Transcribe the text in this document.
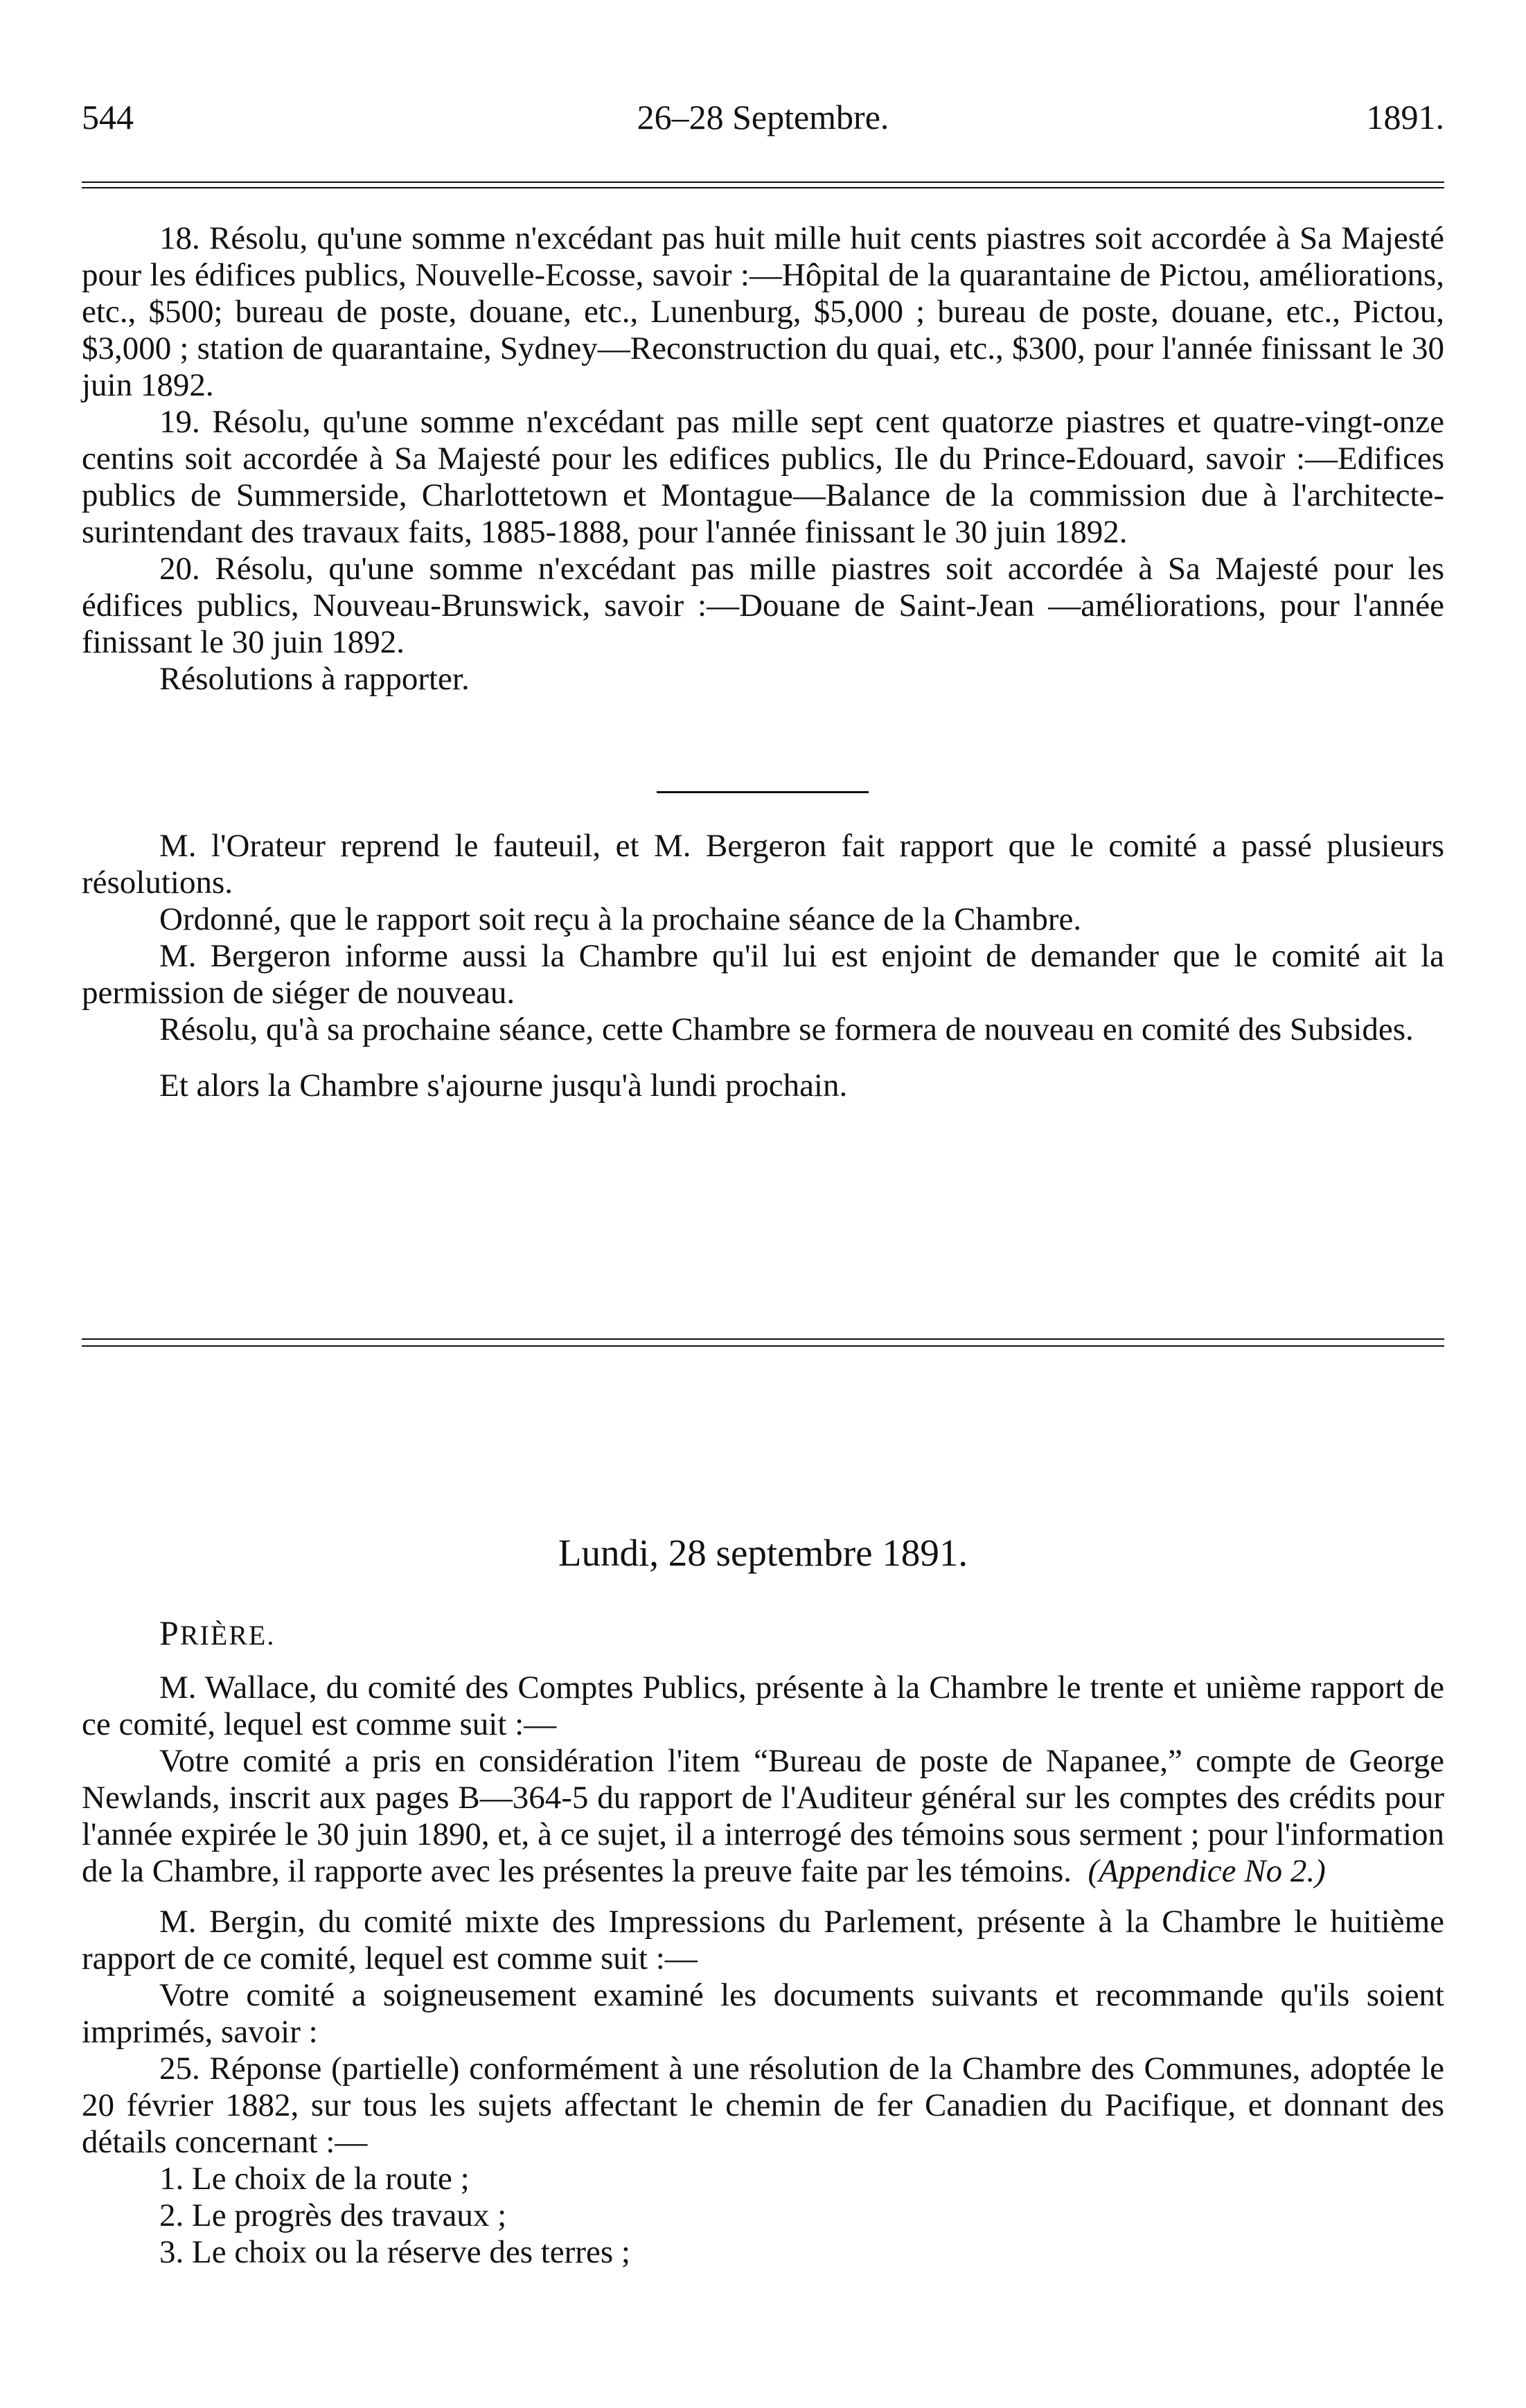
544	26–28 Septembre.	1891.

18. Résolu, qu'une somme n'excédant pas huit mille huit cents piastres soit accordée à Sa Majesté pour les édifices publics, Nouvelle-Ecosse, savoir :—Hôpital de la quarantaine de Pictou, améliorations, etc., $500; bureau de poste, douane, etc., Lunenburg, $5,000 ; bureau de poste, douane, etc., Pictou, $3,000 ; station de quarantaine, Sydney—Reconstruction du quai, etc., $300, pour l'année finissant le 30 juin 1892.

19. Résolu, qu'une somme n'excédant pas mille sept cent quatorze piastres et quatre-vingt-onze centins soit accordée à Sa Majesté pour les edifices publics, Ile du Prince-Edouard, savoir :—Edifices publics de Summerside, Charlottetown et Montague—Balance de la commission due à l'architecte-surintendant des travaux faits, 1885-1888, pour l'année finissant le 30 juin 1892.

20. Résolu, qu'une somme n'excédant pas mille piastres soit accordée à Sa Majesté pour les édifices publics, Nouveau-Brunswick, savoir :—Douane de Saint-Jean —améliorations, pour l'année finissant le 30 juin 1892.

Résolutions à rapporter.

M. l'Orateur reprend le fauteuil, et M. Bergeron fait rapport que le comité a passé plusieurs résolutions.

Ordonné, que le rapport soit reçu à la prochaine séance de la Chambre.

M. Bergeron informe aussi la Chambre qu'il lui est enjoint de demander que le comité ait la permission de siéger de nouveau.

Résolu, qu'à sa prochaine séance, cette Chambre se formera de nouveau en comité des Subsides.

Et alors la Chambre s'ajourne jusqu'à lundi prochain.

Lundi, 28 septembre 1891.
PRIÈRE.

M. Wallace, du comité des Comptes Publics, présente à la Chambre le trente et unième rapport de ce comité, lequel est comme suit :—

Votre comité a pris en considération l'item “Bureau de poste de Napanee,” compte de George Newlands, inscrit aux pages B—364-5 du rapport de l'Auditeur général sur les comptes des crédits pour l'année expirée le 30 juin 1890, et, à ce sujet, il a interrogé des témoins sous serment ; pour l'information de la Chambre, il rapporte avec les présentes la preuve faite par les témoins. (Appendice No 2.)

M. Bergin, du comité mixte des Impressions du Parlement, présente à la Chambre le huitième rapport de ce comité, lequel est comme suit :—

Votre comité a soigneusement examiné les documents suivants et recommande qu'ils soient imprimés, savoir :

25. Réponse (partielle) conformément à une résolution de la Chambre des Communes, adoptée le 20 février 1882, sur tous les sujets affectant le chemin de fer Canadien du Pacifique, et donnant des détails concernant :—

1. Le choix de la route ;

2. Le progrès des travaux ;

3. Le choix ou la réserve des terres ;
